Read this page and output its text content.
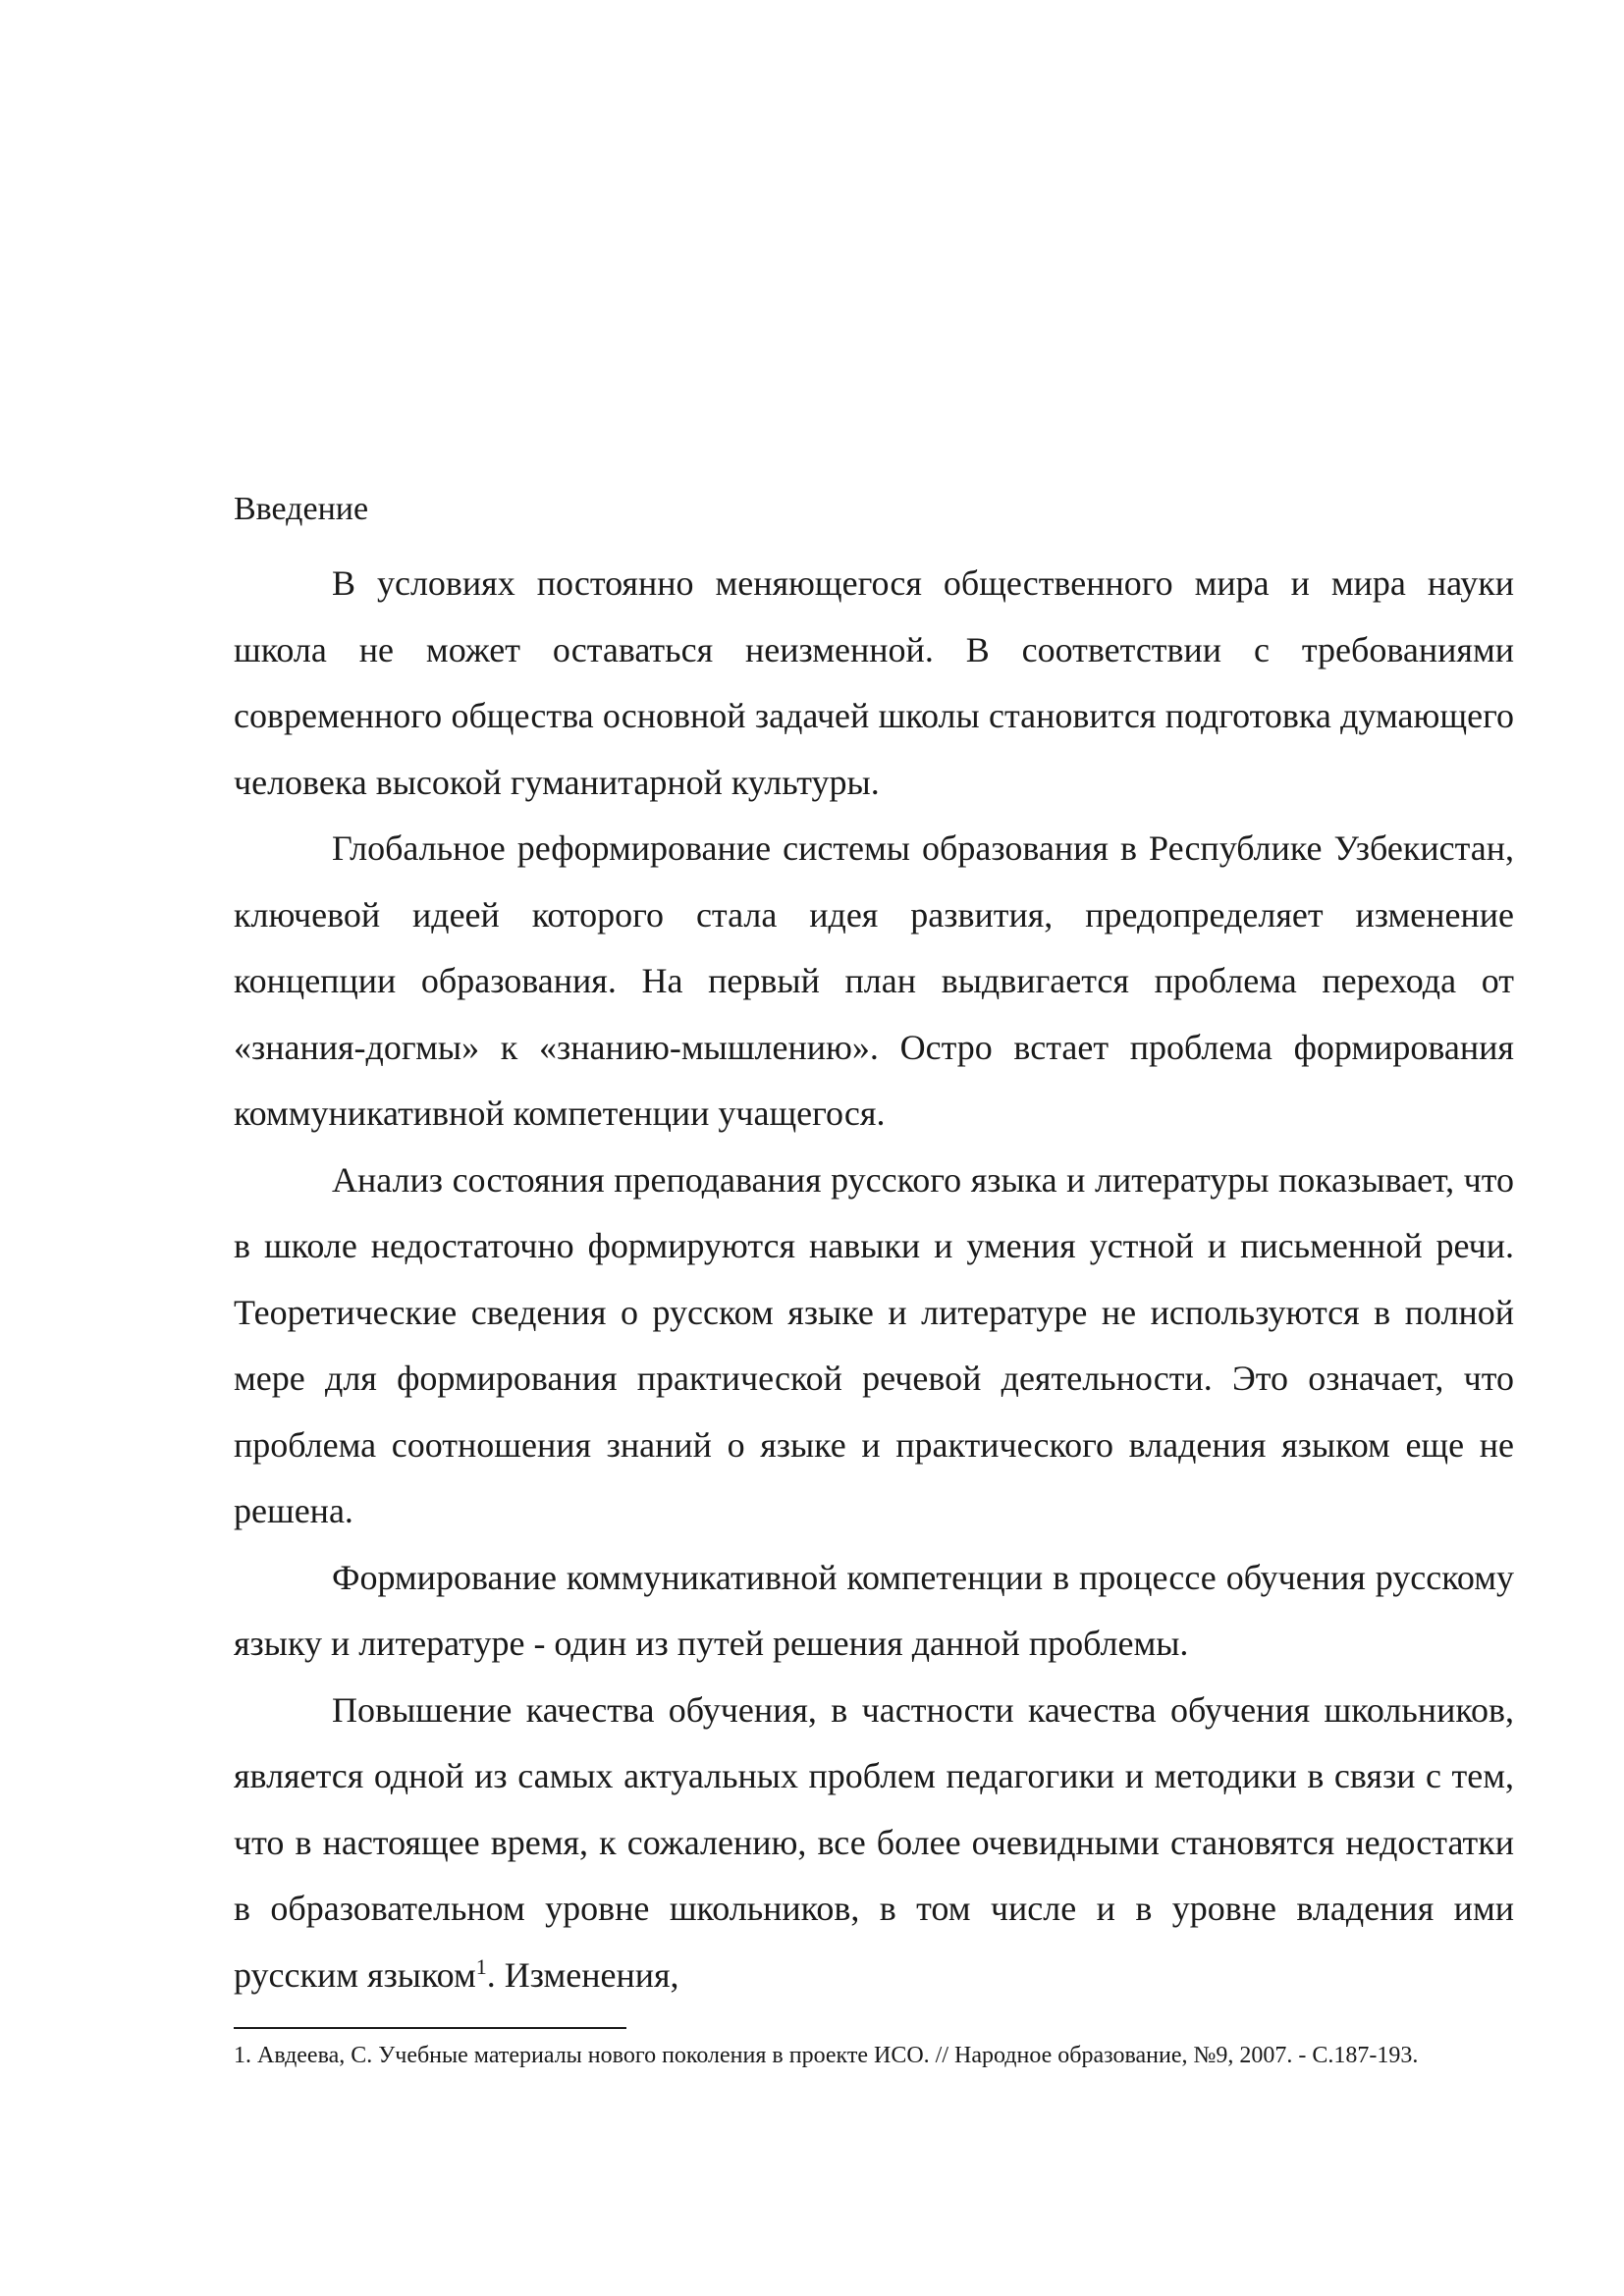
Введение

В условиях постоянно меняющегося общественного мира и мира науки школа не может оставаться неизменной. В соответствии с требованиями современного общества основной задачей школы становится подготовка думающего человека высокой гуманитарной культуры.

Глобальное реформирование системы образования в Республике Узбекистан, ключевой идеей которого стала идея развития, предопределяет изменение концепции образования. На первый план выдвигается проблема перехода от «знания-догмы» к «знанию-мышлению». Остро встает проблема формирования коммуникативной компетенции учащегося.

Анализ состояния преподавания русского языка и литературы показывает, что в школе недостаточно формируются навыки и умения устной и письменной речи. Теоретические сведения о русском языке и литературе не используются в полной мере для формирования практической речевой деятельности. Это означает, что проблема соотношения знаний о языке и практического владения языком еще не решена.

Формирование коммуникативной компетенции в процессе обучения русскому языку и литературе - один из путей решения данной проблемы.

Повышение качества обучения, в частности качества обучения школьников, является одной из самых актуальных проблем педагогики и методики в связи с тем, что в настоящее время, к сожалению, все более очевидными становятся недостатки в образовательном уровне школьников, в том числе и в уровне владения ими русским языком$^1$. Изменения,

1. Авдеева, С. Учебные материалы нового поколения в проекте ИСО. // Народное образование, №9, 2007. - С.187-193.
